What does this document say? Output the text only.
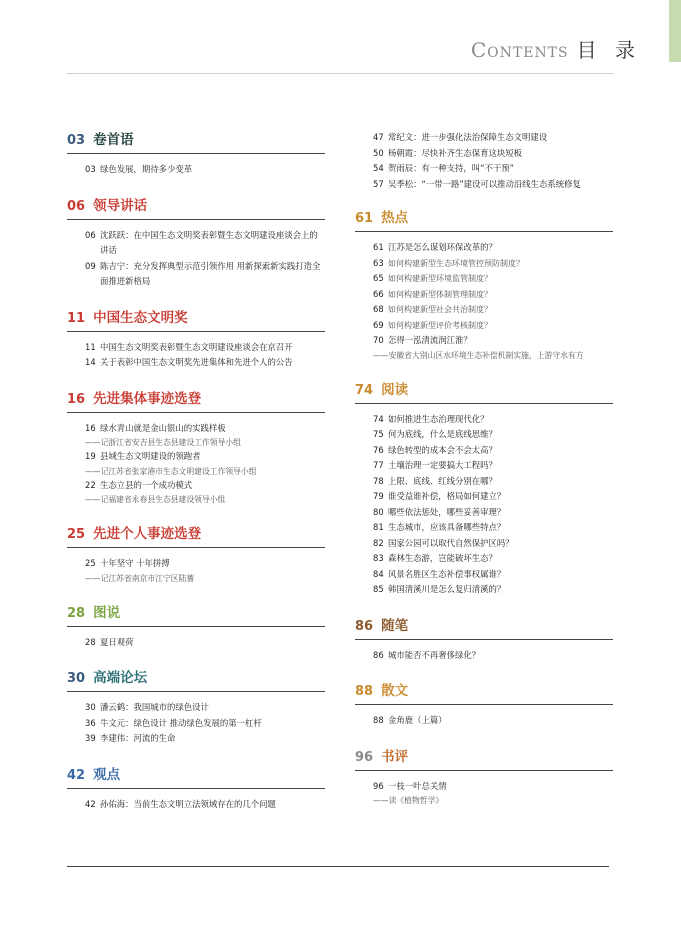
Contents 目 录
03 卷首语
03 绿色发展，期待多少变革
06 领导讲话
06 沈跃跃：在中国生态文明奖表彰暨生态文明建设座谈会上的讲话
09 陈吉宁：充分发挥典型示范引领作用 用新探索新实践打造全面推进新格局
11 中国生态文明奖
11 中国生态文明奖表彰暨生态文明建设座谈会在京召开
14 关于表彰中国生态文明奖先进集体和先进个人的公告
16 先进集体事迹选登
16 绿水青山就是金山银山的实践样板
——记浙江省安吉县生态县建设工作领导小组
19 县域生态文明建设的领跑者
——记江苏省张家港市生态文明建设工作领导小组
22 生态立县的一个成功模式
——记福建省永春县生态县建设领导小组
25 先进个人事迹选登
25 十年坚守 十年拼搏
——记江苏省南京市江宁区陆薔
28 图说
28 夏日观荷
30 高端论坛
30 潘云鹤：我国城市的绿色设计
36 牛文元：绿色设计 推动绿色发展的第一杠杆
39 李建伟：河流的生命
42 观点
42 孙佑海：当前生态文明立法领域存在的几个问题
47 常纪文：进一步强化法治保障生态文明建设
50 杨朝霞：尽快补齐生态保育这块短板
54 贺雨辰：有一种支持，叫“不干预”
57 吴季松：“一带一路”建设可以推动沿线生态系统修复
61 热点
61 江苏是怎么谋划环保改革的？
63 如何构建新型生态环境管控预防制度？
65 如何构建新型环境监管制度？
66 如何构建新型体制管理制度？
68 如何构建新型社会共治制度？
69 如何构建新型评价考核制度？
70 怎得一泓清流润江淮？
——安徽省大别山区水环境生态补偿机制实施，上游守水有方
74 阅读
74 如何推进生态治理现代化？
75 何为底线，什么是底线思维？
76 绿色转型的成本会不会太高？
77 土壤治理一定要搞大工程吗？
78 上限、底线、红线分别在哪？
79 谁受益谁补偿，格局如何建立？
80 哪些依法惩处，哪些妥善审理？
81 生态城市，应该具备哪些特点？
82 国家公园可以取代自然保护区吗？
83 森林生态游，岂能破坏生态？
84 风景名胜区生态补偿事权属谁？
85 韩国清溪川是怎么复归清溪的？
86 随笔
86 城市能否不再奢侈绿化？
88 散文
88 金角鹿（上篇）
96 书评
96 一枝一叶总关情
——读《植物哲学》
